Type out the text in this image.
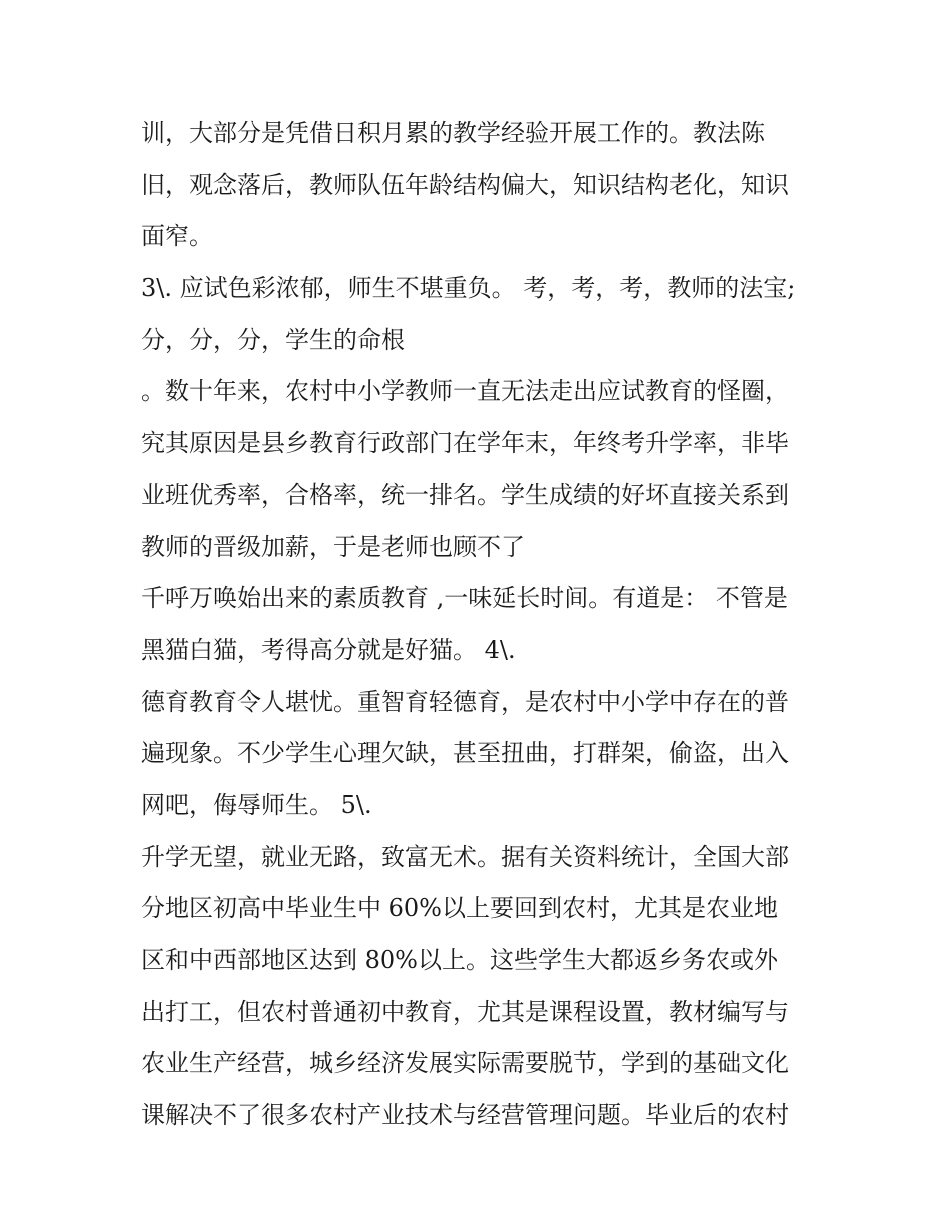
训，大部分是凭借日积月累的教学经验开展工作的。教法陈
旧，观念落后，教师队伍年龄结构偏大，知识结构老化，知识
面窄。
3\. 应试色彩浓郁，师生不堪重负。 考，考，考，教师的法宝;
分，分，分，学生的命根
。数十年来，农村中小学教师一直无法走出应试教育的怪圈，
究其原因是县乡教育行政部门在学年末，年终考升学率，非毕
业班优秀率，合格率，统一排名。学生成绩的好坏直接关系到
教师的晋级加薪，于是老师也顾不了
千呼万唤始出来的素质教育 ,一味延长时间。有道是： 不管是
黑猫白猫，考得高分就是好猫。 4\.
德育教育令人堪忧。重智育轻德育，是农村中小学中存在的普
遍现象。不少学生心理欠缺，甚至扭曲，打群架，偷盗，出入
网吧，侮辱师生。 5\.
升学无望，就业无路，致富无术。据有关资料统计，全国大部
分地区初高中毕业生中 60%以上要回到农村，尤其是农业地
区和中西部地区达到 80%以上。这些学生大都返乡务农或外
出打工，但农村普通初中教育，尤其是课程设置，教材编写与
农业生产经营，城乡经济发展实际需要脱节，学到的基础文化
课解决不了很多农村产业技术与经营管理问题。毕业后的农村
